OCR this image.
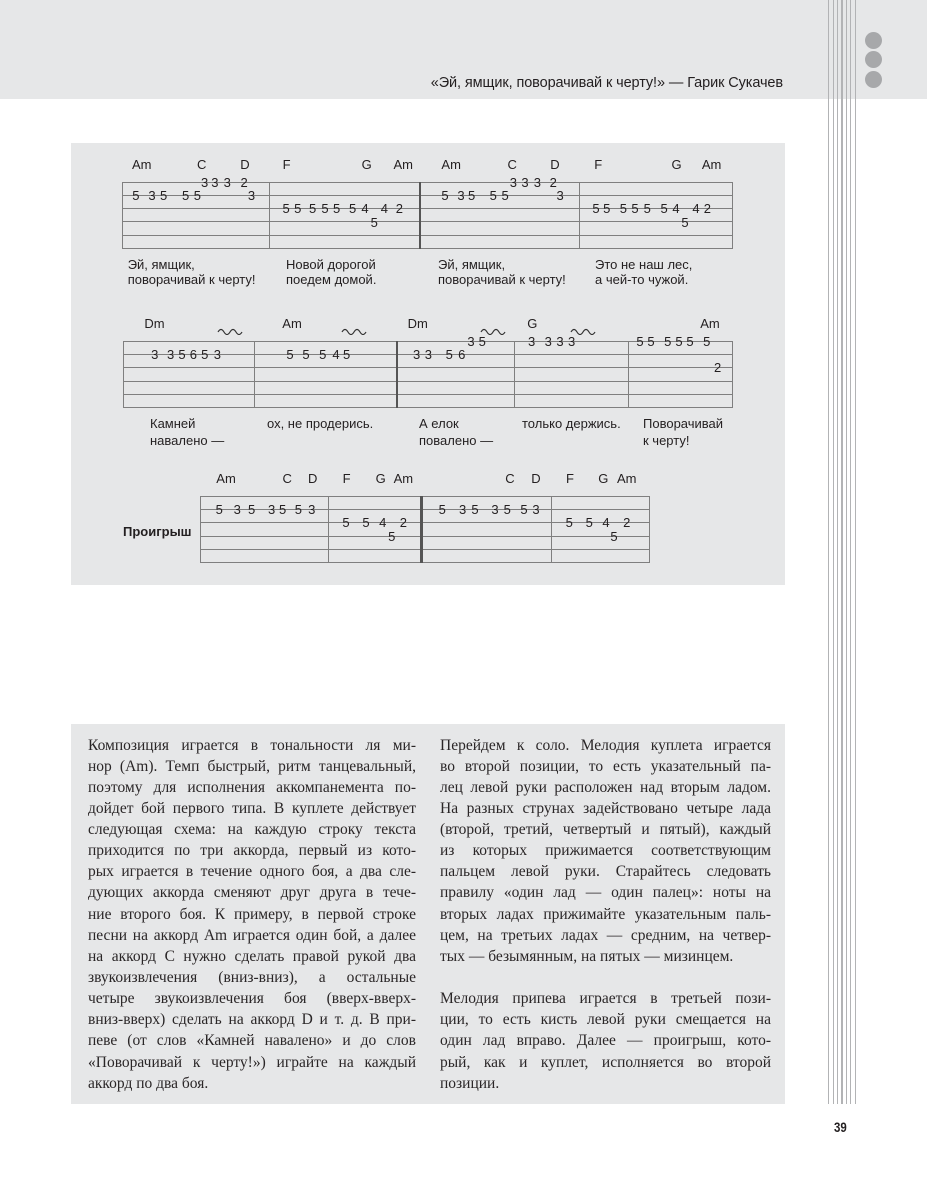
«Эй, ямщик, поворачивай к черту!» — Гарик Сукачев
Am	C	D
5 3 5 5 5
3 3 3 2
3
Эй, ямщик,
поворачивай к черту!
F	G Am
5 5 5 5 5 5 4
5
4 2
Новой дорогой
поедем домой.
Am	C	D
5 3 5 5 5
3 3 3 2
3
Эй, ямщик,
поворачивай к черту!
F	G Am
5 5 5 5 5 5 4
5
4 2
Это не наш лес,
а чей-то чужой.
Dm
3 3 5 6 5 3
Камней
навалено —
Am
5 5 5 4 5
ох, не продерись.
Dm
3 3 5 6
3 5
А елок
повалено —
G
3 3 3 3
только держись.
Am
5 5 5 5 5 5
2
Поворачивай
к черту!
Проигрыш
Am	C D
5 3 5 3 5 5 3
F G Am
5 5 4
5
2
C D
5 3 5 3 5 5 3
F G Am
5 5 4
5
2
Композиция играется в тональности ля ми-
нор (Am). Темп быстрый, ритм танцевальный,
поэтому для исполнения аккомпанемента по-
дойдет бой первого типа. В куплете действует
следующая схема: на каждую строку текста
приходится по три аккорда, первый из кото-
рых играется в течение одного боя, а два сле-
дующих аккорда сменяют друг друга в тече-
ние второго боя. К примеру, в первой строке
песни на аккорд Am играется один бой, а далее
на аккорд С нужно сделать правой рукой два
звукоизвлечения (вниз-вниз), а остальные
четыре звукоизвлечения боя (вверх-вверх-
вниз-вверх) сделать на аккорд D и т. д. В при-
певе (от слов «Камней навалено» и до слов
«Поворачивай к черту!») играйте на каждый
аккорд по два боя.
Перейдем к соло. Мелодия куплета играется
во второй позиции, то есть указательный па-
лец левой руки расположен над вторым ладом.
На разных струнах задействовано четыре лада
(второй, третий, четвертый и пятый), каждый
из которых прижимается соответствующим
пальцем левой руки. Старайтесь следовать
правилу «один лад — один палец»: ноты на
вторых ладах прижимайте указательным паль-
цем, на третьих ладах — средним, на четвер-
тых — безымянным, на пятых — мизинцем.
Мелодия припева играется в третьей пози-
ции, то есть кисть левой руки смещается на
один лад вправо. Далее — проигрыш, кото-
рый, как и куплет, исполняется во второй
позиции.
39
